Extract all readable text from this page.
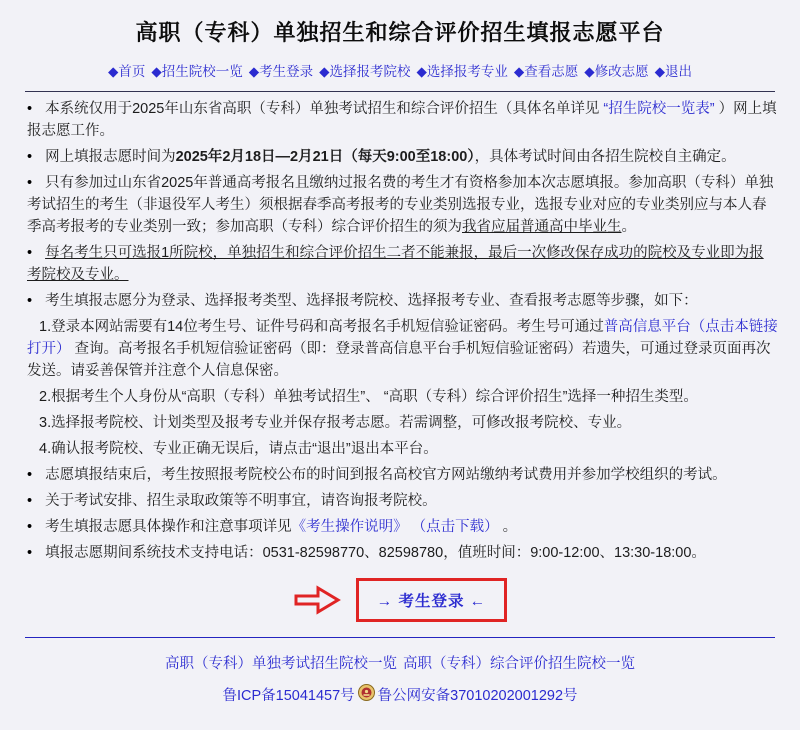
高职（专科）单独招生和综合评价招生填报志愿平台
◆首页 ◆招生院校一览 ◆考生登录 ◆选择报考院校 ◆选择报考专业 ◆查看志愿 ◆修改志愿 ◆退出
• 本系统仅用于2025年山东省高职（专科）单独考试招生和综合评价招生（具体名单详见 “招生院校一览表” ）网上填报志愿工作。
• 网上填报志愿时间为2025年2月18日—2月21日（每天9:00至18:00），具体考试时间由各招生院校自主确定。
• 只有参加过山东省2025年普通高考报名且缴纳过报名费的考生才有资格参加本次志愿填报。参加高职（专科）单独考试招生的考生（非退役军人考生）须根据春季高考报考的专业类别选报专业，选报专业对应的专业类别应与本人春季高考报考的专业类别一致；参加高职（专科）综合评价招生的须为我省应届普通高中毕业生。
• 每名考生只可选报1所院校，单独招生和综合评价招生二者不能兼报，最后一次修改保存成功的院校及专业即为报考院校及专业。
• 考生填报志愿分为登录、选择报考类型、选择报考院校、选择报考专业、查看报考志愿等步骤，如下：
1.登录本网站需要有14位考生号、证件号码和高考报名手机短信验证密码。考生号可通过普高信息平台（点击本链接打开） 查询。高考报名手机短信验证密码（即：登录普高信息平台手机短信验证密码）若遗失，可通过登录页面再次发送。请妥善保管并注意个人信息保密。
2.根据考生个人身份从“高职（专科）单独考试招生”、 “高职（专科）综合评价招生”选择一种招生类型。
3.选择报考院校、计划类型及报考专业并保存报考志愿。若需调整，可修改报考院校、专业。
4.确认报考院校、专业正确无误后，请点击“退出”退出本平台。
• 志愿填报结束后，考生按照报考院校公布的时间到报名高校官方网站缴纳考试费用并参加学校组织的考试。
• 关于考试安排、招生录取政策等不明事宜，请咨询报考院校。
• 考生填报志愿具体操作和注意事项详见《考生操作说明》 （点击下载） 。
• 填报志愿期间系统技术支持电话：0531-82598770、82598780，值班时间：9:00-12:00、13:30-18:00。
→ 考生登录 ←
高职（专科）单独考试招生院校一览 高职（专科）综合评价招生院校一览
鲁ICP备15041457号 鲁公网安备37010202001292号
